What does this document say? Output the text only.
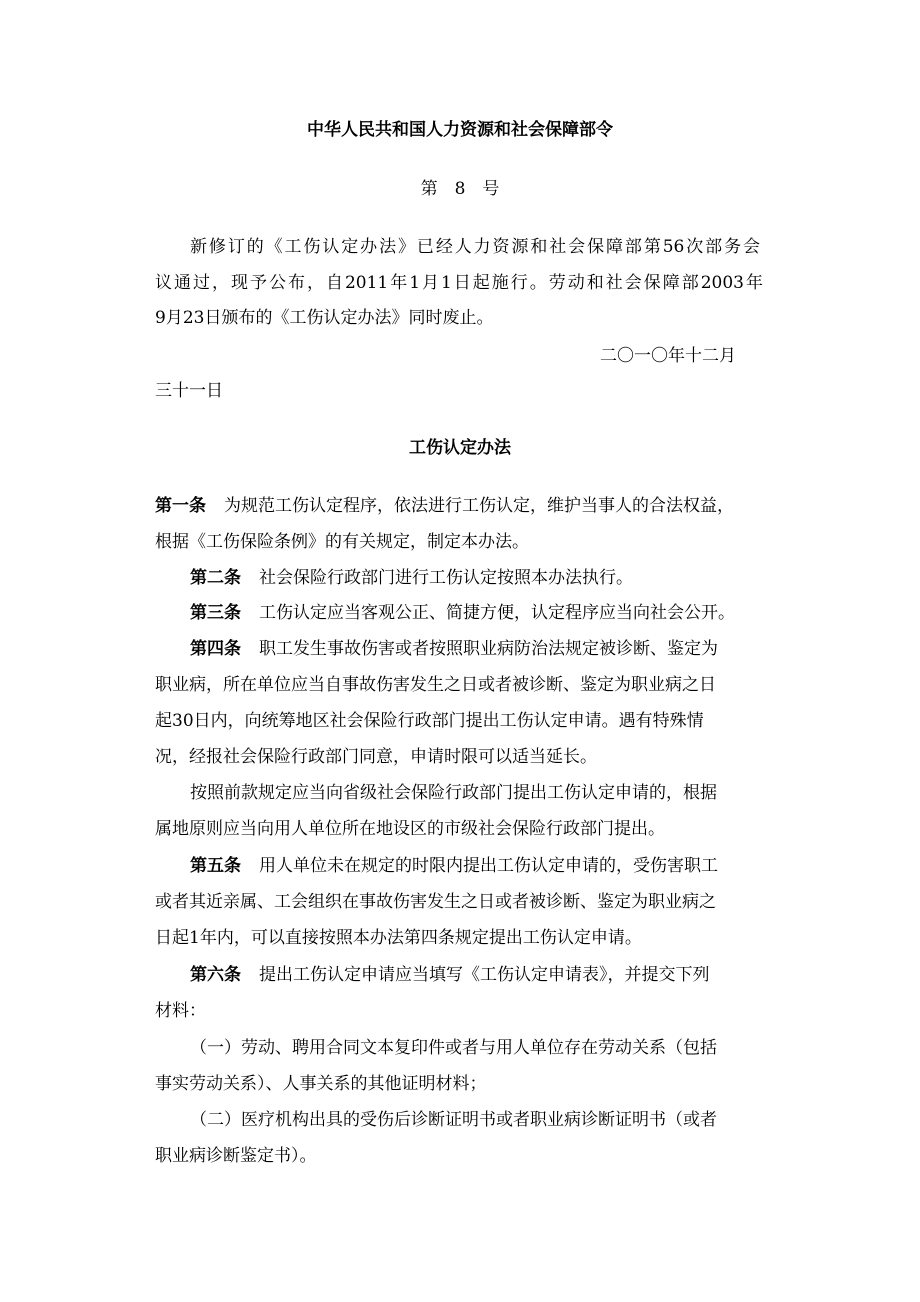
中华人民共和国人力资源和社会保障部令
第　8　号
新修订的《工伤认定办法》已经人力资源和社会保障部第56次部务会
议通过，现予公布，自2011年1月1日起施行。劳动和社会保障部2003年
9月23日颁布的《工伤认定办法》同时废止。
二〇一〇年十二月
三十一日
工伤认定办法
第一条 为规范工伤认定程序，依法进行工伤认定，维护当事人的合法权益，
根据《工伤保险条例》的有关规定，制定本办法。
第二条 社会保险行政部门进行工伤认定按照本办法执行。
第三条 工伤认定应当客观公正、简捷方便，认定程序应当向社会公开。
第四条 职工发生事故伤害或者按照职业病防治法规定被诊断、鉴定为
职业病，所在单位应当自事故伤害发生之日或者被诊断、鉴定为职业病之日
起30日内，向统筹地区社会保险行政部门提出工伤认定申请。遇有特殊情
况，经报社会保险行政部门同意，申请时限可以适当延长。
按照前款规定应当向省级社会保险行政部门提出工伤认定申请的，根据
属地原则应当向用人单位所在地设区的市级社会保险行政部门提出。
第五条 用人单位未在规定的时限内提出工伤认定申请的，受伤害职工
或者其近亲属、工会组织在事故伤害发生之日或者被诊断、鉴定为职业病之
日起1年内，可以直接按照本办法第四条规定提出工伤认定申请。
第六条 提出工伤认定申请应当填写《工伤认定申请表》，并提交下列
材料：
（一）劳动、聘用合同文本复印件或者与用人单位存在劳动关系（包括
事实劳动关系）、人事关系的其他证明材料；
（二）医疗机构出具的受伤后诊断证明书或者职业病诊断证明书（或者
职业病诊断鉴定书）。
